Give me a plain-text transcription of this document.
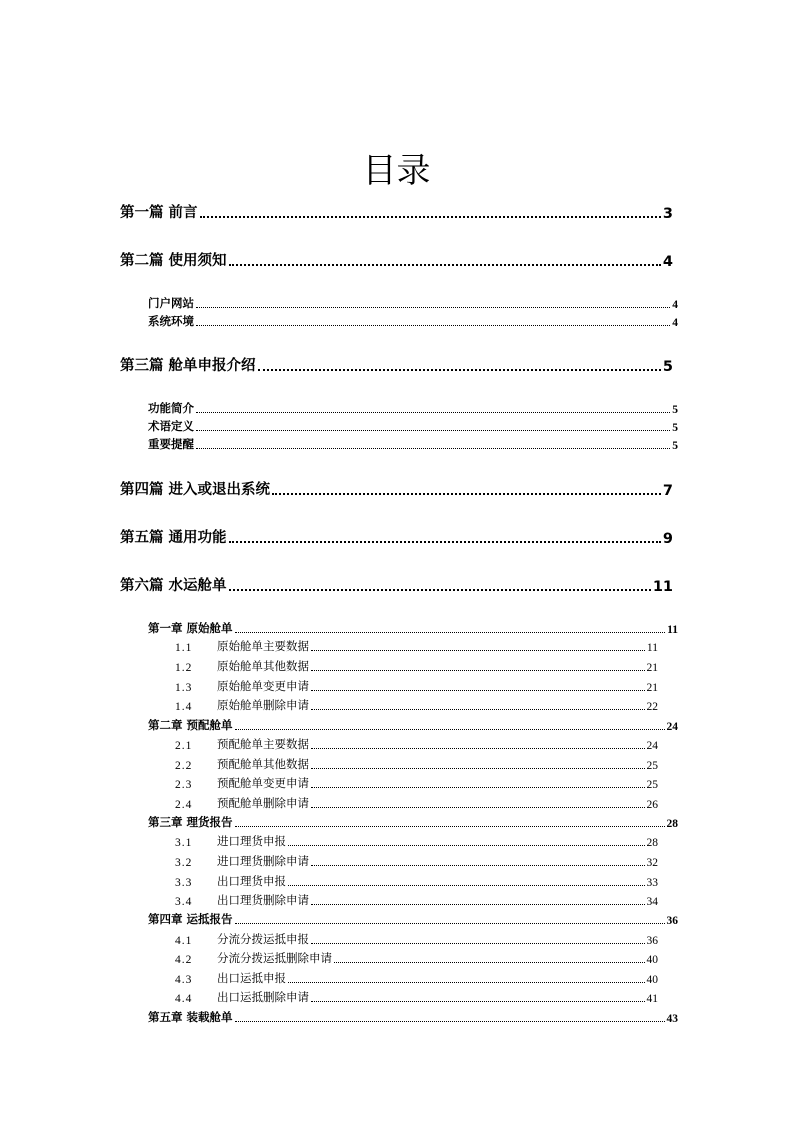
目录
第一篇 前言	3
第二篇 使用须知	4
门户网站	4
系统环境	4
第三篇 舱单申报介绍	5
功能简介	5
术语定义	5
重要提醒	5
第四篇 进入或退出系统	7
第五篇 通用功能	9
第六篇 水运舱单	11
第一章 原始舱单	11
1.1	原始舱单主要数据	11
1.2	原始舱单其他数据	21
1.3	原始舱单变更申请	21
1.4	原始舱单删除申请	22
第二章 预配舱单	24
2.1	预配舱单主要数据	24
2.2	预配舱单其他数据	25
2.3	预配舱单变更申请	25
2.4	预配舱单删除申请	26
第三章 理货报告	28
3.1	进口理货申报	28
3.2	进口理货删除申请	32
3.3	出口理货申报	33
3.4	出口理货删除申请	34
第四章 运抵报告	36
4.1	分流分拨运抵申报	36
4.2	分流分拨运抵删除申请	40
4.3	出口运抵申报	40
4.4	出口运抵删除申请	41
第五章 装载舱单	43
